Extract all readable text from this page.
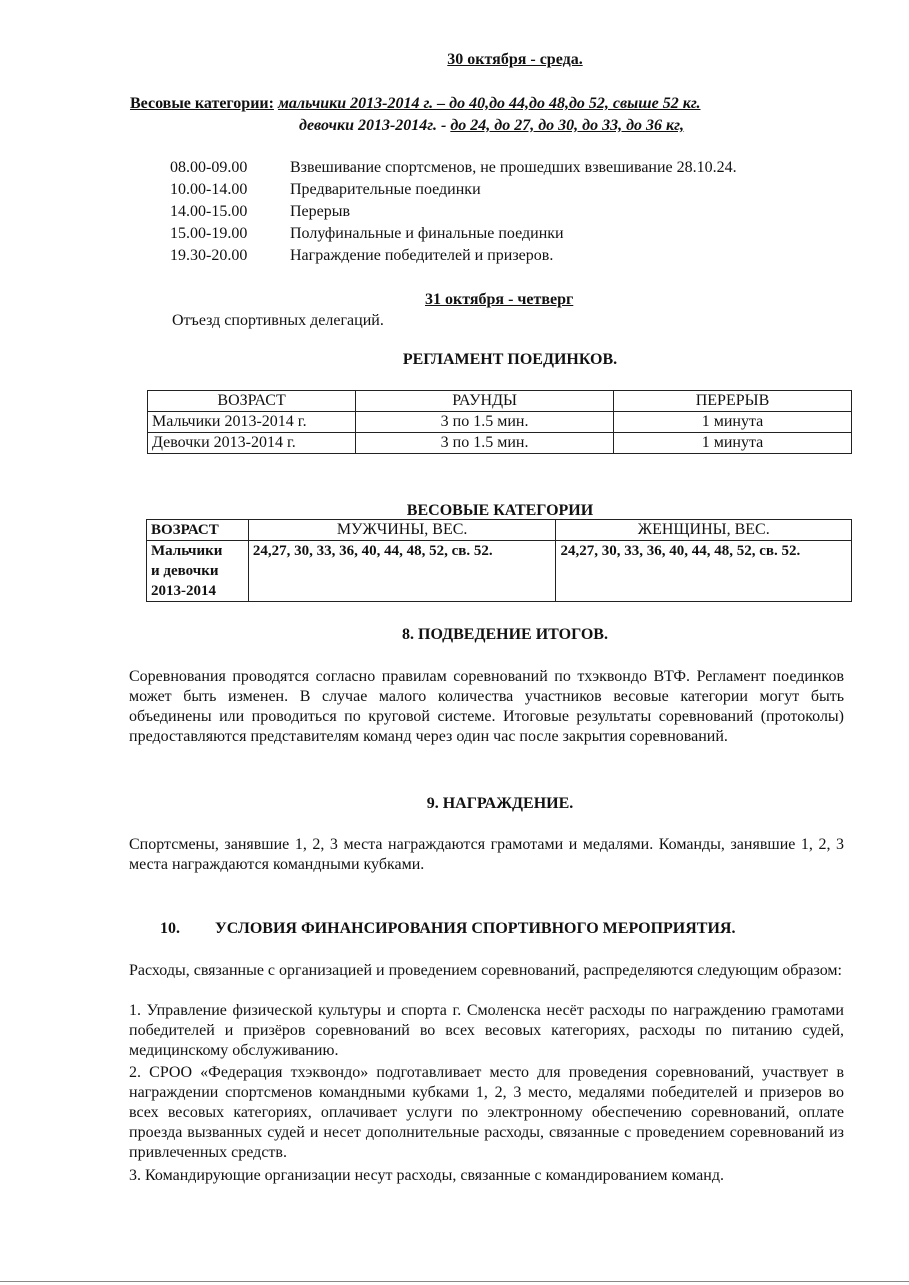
30 октября - среда.
Весовые категории: мальчики 2013-2014 г. – до 40,до 44,до 48,до 52, свыше 52 кг.
девочки 2013-2014г. - до 24, до 27, до 30, до 33, до 36 кг,
08.00-09.00	Взвешивание спортсменов, не прошедших взвешивание 28.10.24.
10.00-14.00	Предварительные поединки
14.00-15.00	Перерыв
15.00-19.00	Полуфинальные и финальные поединки
19.30-20.00	Награждение победителей и призеров.
31 октября - четверг
Отъезд спортивных делегаций.
РЕГЛАМЕНТ ПОЕДИНКОВ.
ВОЗРАСТ	РАУНДЫ	ПЕРЕРЫВ
Мальчики 2013-2014 г.	3 по 1.5 мин.	1 минута
Девочки 2013-2014 г.	3 по 1.5 мин.	1 минута
ВЕСОВЫЕ КАТЕГОРИИ
ВОЗРАСТ	МУЖЧИНЫ, ВЕС.	ЖЕНЩИНЫ, ВЕС.

Мальчики
и девочки
2013-2014	24,27, 30, 33, 36, 40, 44, 48, 52, св. 52.	24,27, 30, 33, 36, 40, 44, 48, 52, св. 52.
8. ПОДВЕДЕНИЕ ИТОГОВ.
Соревнования проводятся согласно правилам соревнований по тхэквондо ВТФ. Регламент поединков может быть изменен. В случае малого количества участников весовые категории могут быть объединены или проводиться по круговой системе. Итоговые результаты соревнований (протоколы) предоставляются представителям команд через один час после закрытия соревнований.
9. НАГРАЖДЕНИЕ.
Спортсмены, занявшие 1, 2, 3 места награждаются грамотами и медалями. Команды, занявшие 1, 2, 3 места награждаются командными кубками.
10. УСЛОВИЯ ФИНАНСИРОВАНИЯ СПОРТИВНОГО МЕРОПРИЯТИЯ.
Расходы, связанные с организацией и проведением соревнований, распределяются следующим образом:
1. Управление физической культуры и спорта г. Смоленска несёт расходы по награждению грамотами победителей и призёров соревнований во всех весовых категориях, расходы по питанию судей, медицинскому обслуживанию.
2. СРОО «Федерация тхэквондо» подготавливает место для проведения соревнований, участвует в награждении спортсменов командными кубками 1, 2, 3 место, медалями победителей и призеров во всех весовых категориях, оплачивает услуги по электронному обеспечению соревнований, оплате проезда вызванных судей и несет дополнительные расходы, связанные с проведением соревнований из привлеченных средств.
3. Командирующие организации несут расходы, связанные с командированием команд.
